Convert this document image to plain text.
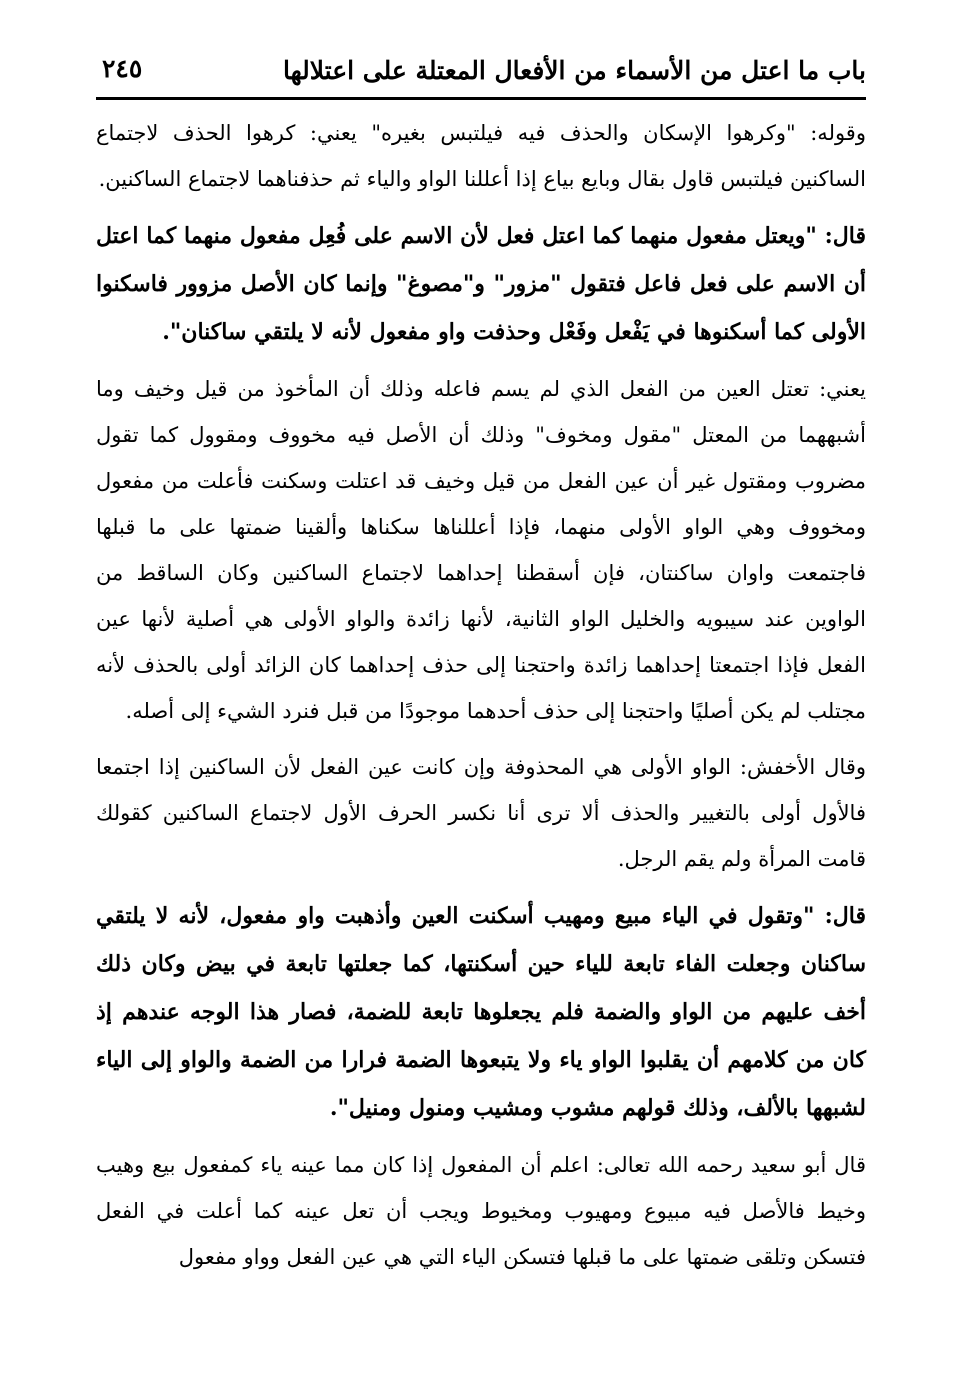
باب ما اعتل من الأسماء من الأفعال المعتلة على اعتلالها
٢٤٥

وقوله: "وكرهوا الإسكان والحذف فيه فيلتبس بغيره" يعني: كرهوا الحذف لاجتماع الساكنين فيلتبس قاول بقال وبايع بياع إذا أعللنا الواو والياء ثم حذفناهما لاجتماع الساكنين.

قال: "ويعتل مفعول منهما كما اعتل فعل لأن الاسم على فُعِل مفعول منهما كما اعتل أن الاسم على فعل فاعل فتقول "مزور" و"مصوغ" وإنما كان الأصل مزوور فاسكنوا الأولى كما أسكنوها في يَفْعل وفَعْل وحذفت واو مفعول لأنه لا يلتقي ساكنان".

يعني: تعتل العين من الفعل الذي لم يسم فاعله وذلك أن المأخوذ من قيل وخيف وما أشبههما من المعتل "مقول ومخوف" وذلك أن الأصل فيه مخووف ومقوول كما تقول مضروب ومقتول غير أن عين الفعل من قيل وخيف قد اعتلت وسكنت فأعلت من مفعول ومخووف وهي الواو الأولى منهما، فإذا أعللناها سكناها وألقينا ضمتها على ما قبلها فاجتمعت واوان ساكنتان، فإن أسقطنا إحداهما لاجتماع الساكنين وكان الساقط من الواوين عند سيبويه والخليل الواو الثانية، لأنها زائدة والواو الأولى هي أصلية لأنها عين الفعل فإذا اجتمعتا إحداهما زائدة واحتجنا إلى حذف إحداهما كان الزائد أولى بالحذف لأنه مجتلب لم يكن أصليًا واحتجنا إلى حذف أحدهما موجودًا من قبل فنرد الشيء إلى أصله.

وقال الأخفش: الواو الأولى هي المحذوفة وإن كانت عين الفعل لأن الساكنين إذا اجتمعا فالأول أولى بالتغيير والحذف ألا ترى أنا نكسر الحرف الأول لاجتماع الساكنين كقولك قامت المرأة ولم يقم الرجل.

قال: "وتقول في الياء مبيع ومهيب أسكنت العين وأذهبت واو مفعول، لأنه لا يلتقي ساكنان وجعلت الفاء تابعة للياء حين أسكنتها، كما جعلتها تابعة في بيض وكان ذلك أخف عليهم من الواو والضمة فلم يجعلوها تابعة للضمة، فصار هذا الوجه عندهم إذ كان من كلامهم أن يقلبوا الواو ياء ولا يتبعوها الضمة فرارا من الضمة والواو إلى الياء لشبهها بالألف، وذلك قولهم مشوب ومشيب ومنول ومنيل".

قال أبو سعيد رحمه الله تعالى: اعلم أن المفعول إذا كان مما عينه ياء كمفعول بيع وهيب وخيط فالأصل فيه مبيوع ومهيوب ومخيوط ويجب أن تعل عينه كما أعلت في الفعل فتسكن وتلقى ضمتها على ما قبلها فتسكن الياء التي هي عين الفعل وواو مفعول
